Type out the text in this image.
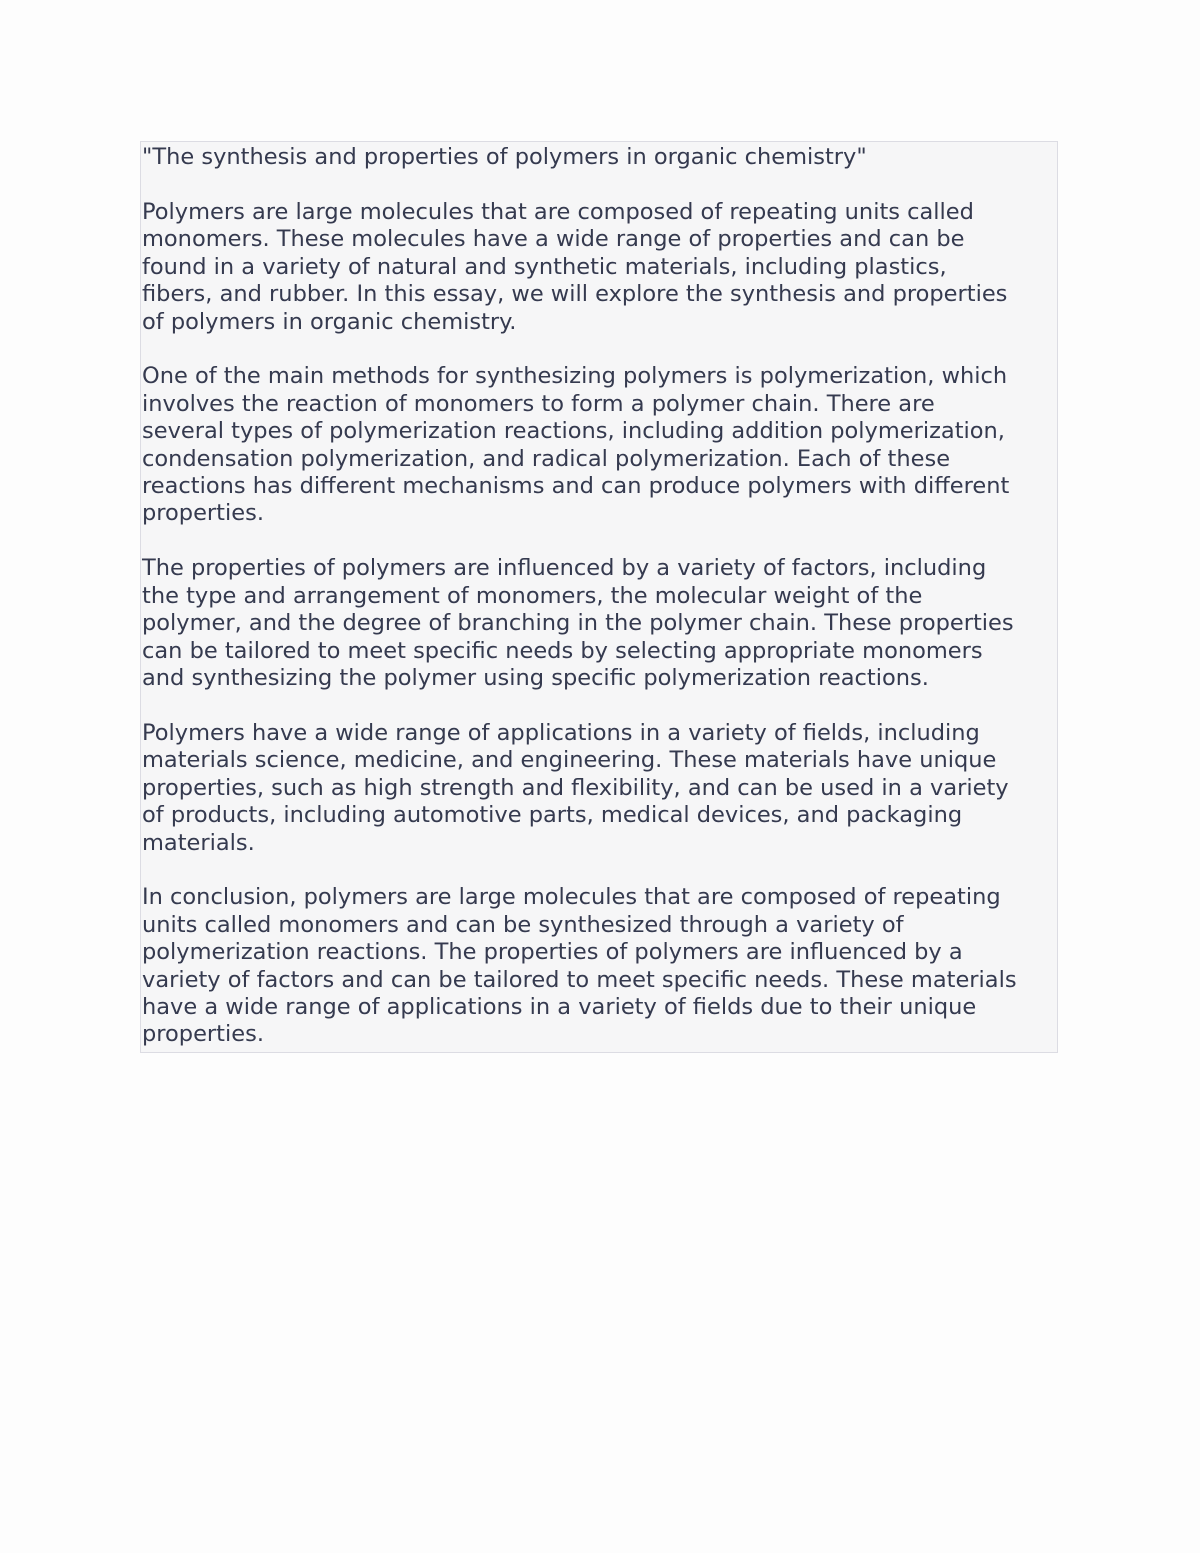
"The synthesis and properties of polymers in organic chemistry"

Polymers are large molecules that are composed of repeating units called
monomers. These molecules have a wide range of properties and can be
found in a variety of natural and synthetic materials, including plastics,
fibers, and rubber. In this essay, we will explore the synthesis and properties
of polymers in organic chemistry.

One of the main methods for synthesizing polymers is polymerization, which
involves the reaction of monomers to form a polymer chain. There are
several types of polymerization reactions, including addition polymerization,
condensation polymerization, and radical polymerization. Each of these
reactions has different mechanisms and can produce polymers with different
properties.

The properties of polymers are influenced by a variety of factors, including
the type and arrangement of monomers, the molecular weight of the
polymer, and the degree of branching in the polymer chain. These properties
can be tailored to meet specific needs by selecting appropriate monomers
and synthesizing the polymer using specific polymerization reactions.

Polymers have a wide range of applications in a variety of fields, including
materials science, medicine, and engineering. These materials have unique
properties, such as high strength and flexibility, and can be used in a variety
of products, including automotive parts, medical devices, and packaging
materials.

In conclusion, polymers are large molecules that are composed of repeating
units called monomers and can be synthesized through a variety of
polymerization reactions. The properties of polymers are influenced by a
variety of factors and can be tailored to meet specific needs. These materials
have a wide range of applications in a variety of fields due to their unique
properties.
